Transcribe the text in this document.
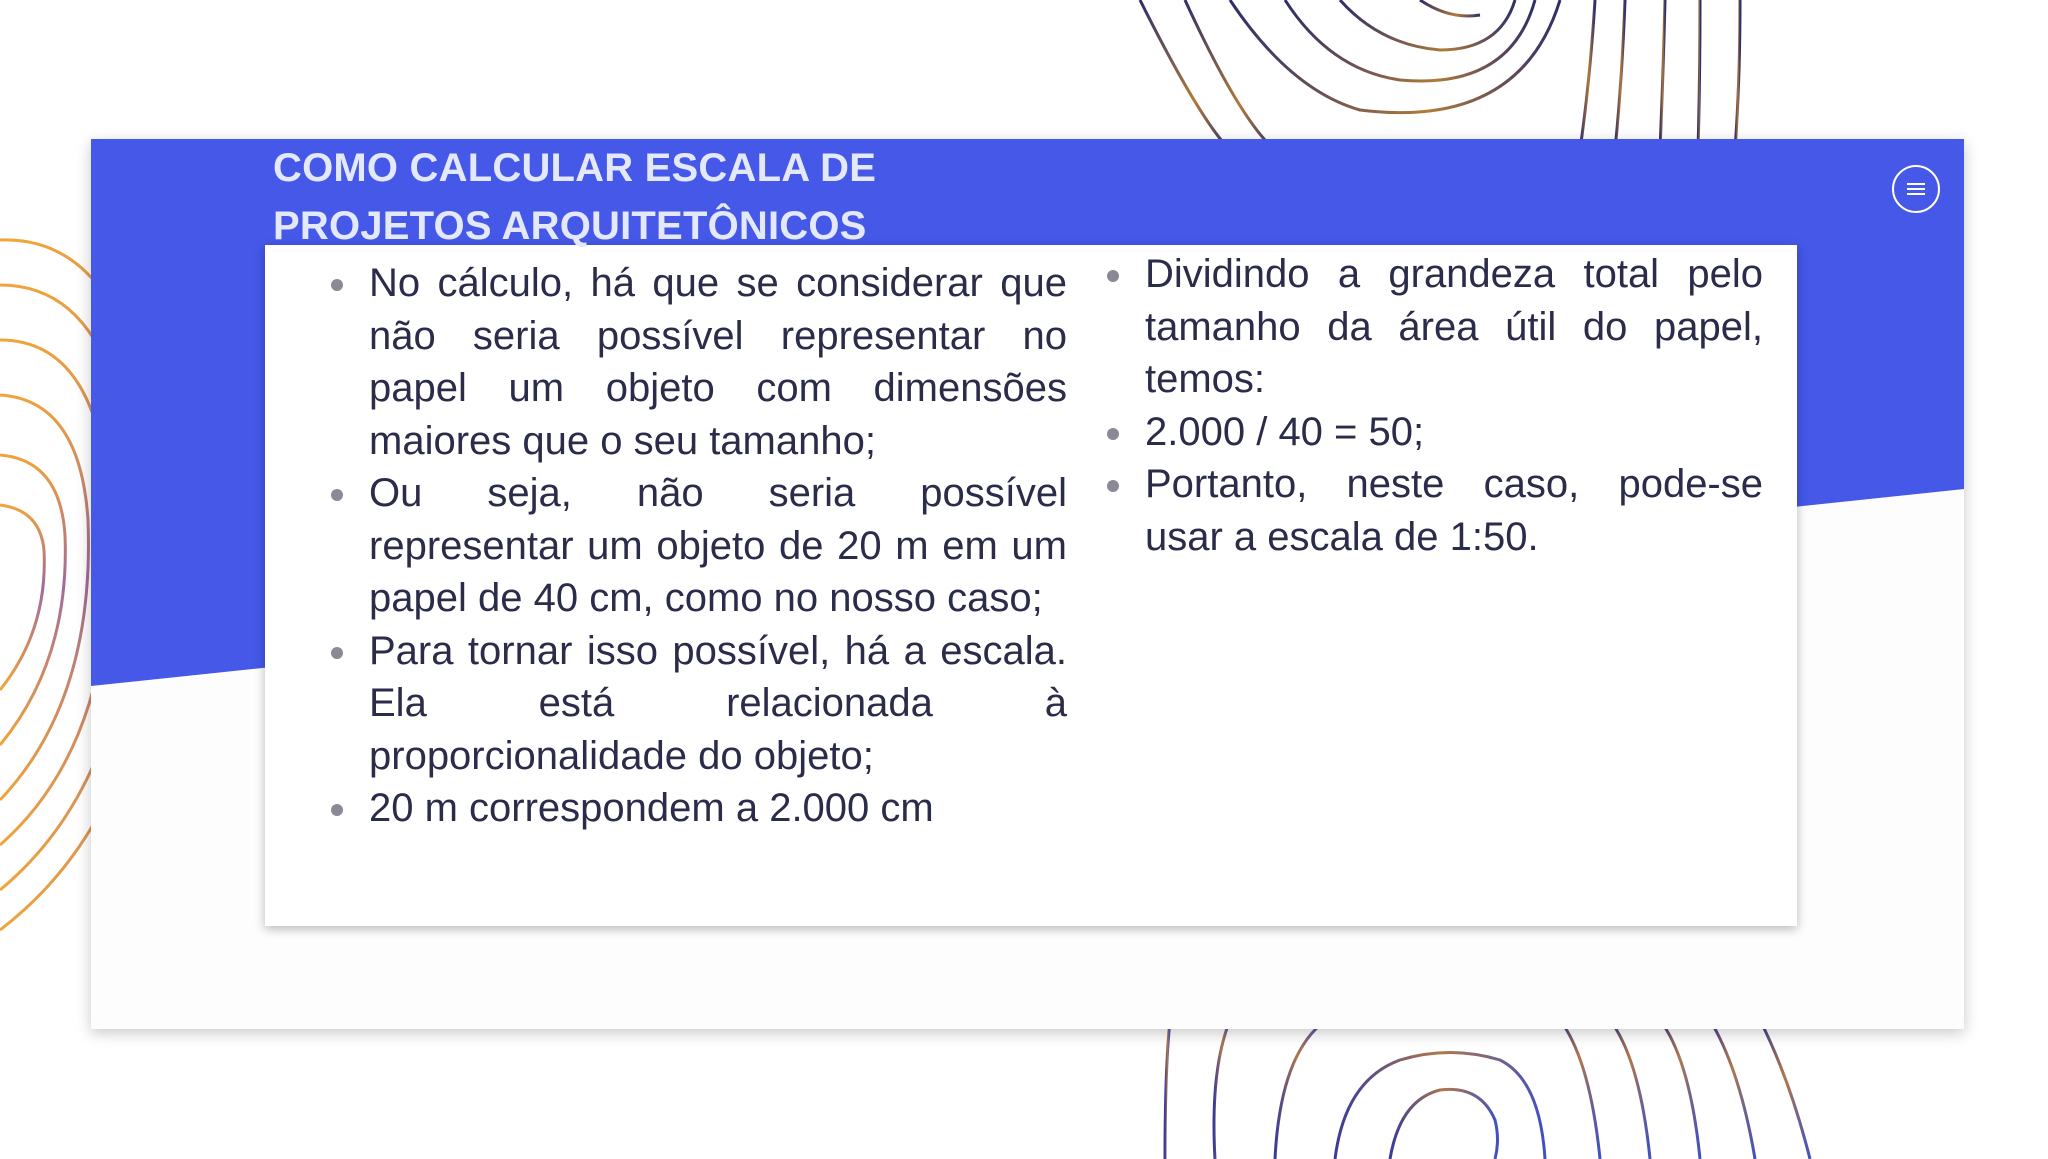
COMO CALCULAR ESCALA DE
PROJETOS ARQUITETÔNICOS
No cálculo, há que se considerar que não seria possível representar no papel um objeto com dimensões maiores que o seu tamanho;
Ou seja, não seria possível representar um objeto de 20 m em um papel de 40 cm, como no nosso caso;
Para tornar isso possível, há a escala. Ela está relacionada à proporcionalidade do objeto;
20 m correspondem a 2.000 cm
Dividindo a grandeza total pelo tamanho da área útil do papel, temos:
2.000 / 40 = 50;
Portanto, neste caso, pode-se usar a escala de 1:50.
